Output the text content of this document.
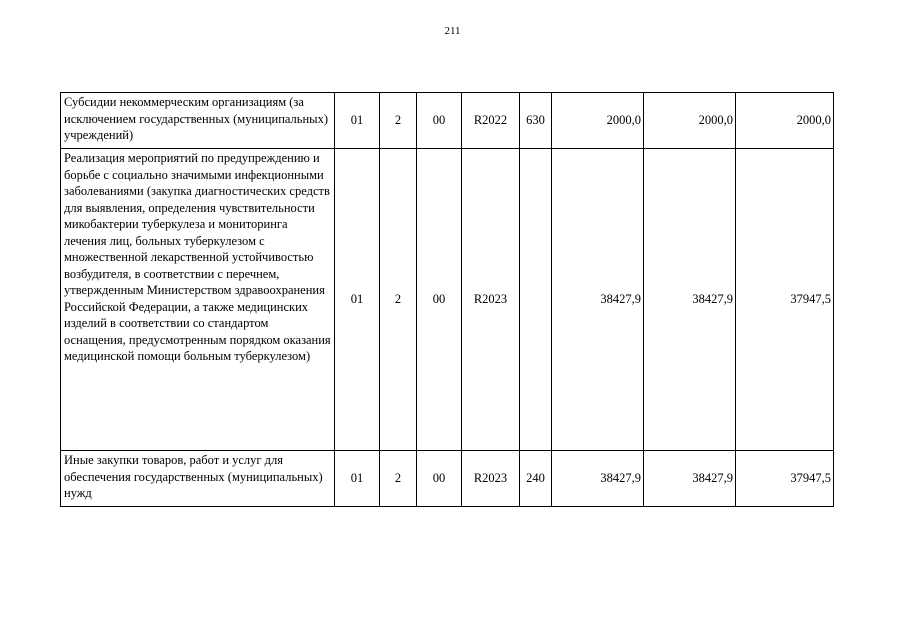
211
Субсидии некоммерческим организациям (за исключением государственных (муниципальных) учреждений)	01	2	00	R2022	630	2000,0	2000,0	2000,0
Реализация мероприятий по предупреждению и борьбе с социально значимыми инфекционными заболеваниями (закупка диагностических средств для выявления, определения чувствительности микобактерии туберкулеза и мониторинга лечения лиц, больных туберкулезом с множественной лекарственной устойчивостью возбудителя, в соответствии с перечнем, утвержденным Министерством здравоохранения Российской Федерации, а также медицинских изделий в соответствии со стандартом оснащения, предусмотренным порядком оказания медицинской помощи больным туберкулезом)	01	2	00	R2023		38427,9	38427,9	37947,5
Иные закупки товаров, работ и услуг для обеспечения государственных (муниципальных) нужд	01	2	00	R2023	240	38427,9	38427,9	37947,5
